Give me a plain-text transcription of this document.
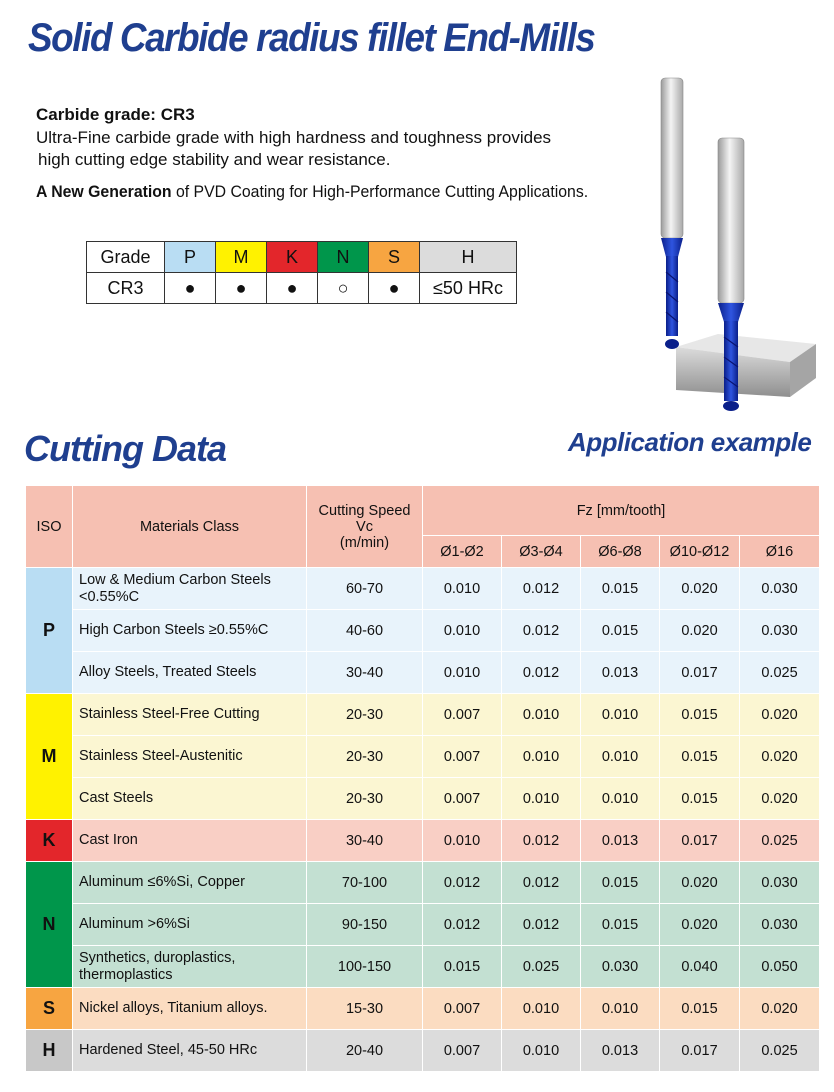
Solid Carbide radius fillet End-Mills
Carbide grade: CR3
Ultra-Fine carbide grade with high hardness and toughness provides
high cutting edge stability and wear resistance.
A New Generation of PVD Coating for High-Performance Cutting Applications.
Grade	P	M	K	N	S	H
CR3	●	●	●	○	●	≤50 HRc
Cutting Data	Application example
ISO	Materials Class	Cutting Speed
Vc
(m/min)	Fz [mm/tooth]				
			Ø1-Ø2	Ø3-Ø4	Ø6-Ø8	Ø10-Ø12	Ø16
P	Low & Medium Carbon Steels
<0.55%C	60-70	0.010	0.012	0.015	0.020	0.030

	High Carbon Steels ≥0.55%C	40-60	0.010	0.012	0.015	0.020	0.030

	Alloy Steels, Treated Steels	30-40	0.010	0.012	0.013	0.017	0.025
M	Stainless Steel-Free Cutting	20-30	0.007	0.010	0.010	0.015	0.020

	Stainless Steel-Austenitic	20-30	0.007	0.010	0.010	0.015	0.020

	Cast Steels	20-30	0.007	0.010	0.010	0.015	0.020
K	Cast Iron	30-40	0.010	0.012	0.013	0.017	0.025
N	Aluminum ≤6%Si, Copper	70-100	0.012	0.012	0.015	0.020	0.030

	Aluminum >6%Si	90-150	0.012	0.012	0.015	0.020	0.030

	Synthetics, duroplastics,
thermoplastics	100-150	0.015	0.025	0.030	0.040	0.050
S	Nickel alloys, Titanium alloys.	15-30	0.007	0.010	0.010	0.015	0.020
H	Hardened Steel, 45-50 HRc	20-40	0.007	0.010	0.013	0.017	0.025
